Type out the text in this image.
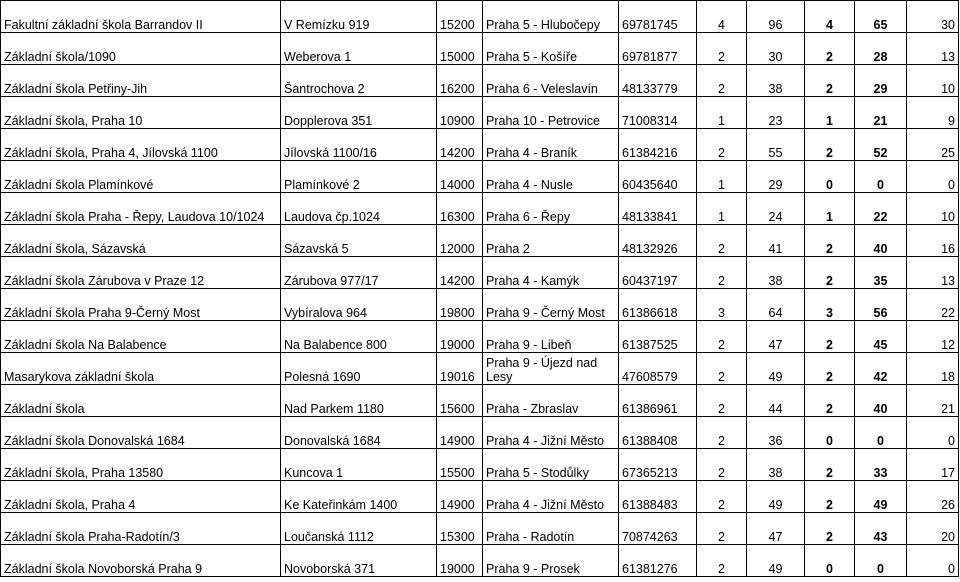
Fakultní základní škola Barrandov II	V Remízku 919	15200	Praha 5 - Hlubočepy	69781745	4	96	4	65	30
Základní škola/1090	Weberova 1	15000	Praha 5 - Košíře	69781877	2	30	2	28	13
Základní škola Petřiny-Jih	Šantrochova 2	16200	Praha 6 - Veleslavín	48133779	2	38	2	29	10
Základní škola, Praha 10	Dopplerova 351	10900	Praha 10 - Petrovice	71008314	1	23	1	21	9
Základní škola, Praha 4, Jílovská 1100	Jílovská 1100/16	14200	Praha 4 - Braník	61384216	2	55	2	52	25
Základní škola Plamínkové	Plamínkové 2	14000	Praha 4 - Nusle	60435640	1	29	0	0	0
Základní škola Praha - Řepy, Laudova 10/1024	Laudova čp.1024	16300	Praha 6 - Řepy	48133841	1	24	1	22	10
Základní škola, Sázavská	Sázavská 5	12000	Praha 2	48132926	2	41	2	40	16
Základní škola Zárubova v Praze 12	Zárubova 977/17	14200	Praha 4 - Kamýk	60437197	2	38	2	35	13
Základní škola Praha 9-Černý Most	Vybíralova 964	19800	Praha 9 - Černý Most	61386618	3	64	3	56	22
Základní škola Na Balabence	Na Balabence 800	19000	Praha 9 - Libeň	61387525	2	47	2	45	12
Masarykova základní škola	Polesná 1690	19016	Praha 9 - Újezd nad Lesy	47608579	2	49	2	42	18
Základní škola	Nad Parkem 1180	15600	Praha - Zbraslav	61386961	2	44	2	40	21
Základní škola Donovalská 1684	Donovalská 1684	14900	Praha 4 - Jižní Město	61388408	2	36	0	0	0
Základní škola, Praha 13580	Kuncova 1	15500	Praha 5 - Stodůlky	67365213	2	38	2	33	17
Základní škola, Praha 4	Ke Kateřinkám 1400	14900	Praha 4 - Jižní Město	61388483	2	49	2	49	26
Základní škola Praha-Radotín/3	Loučanská 1112	15300	Praha - Radotín	70874263	2	47	2	43	20
Základní škola Novoborská Praha 9	Novoborská 371	19000	Praha 9 - Prosek	61381276	2	49	0	0	0
